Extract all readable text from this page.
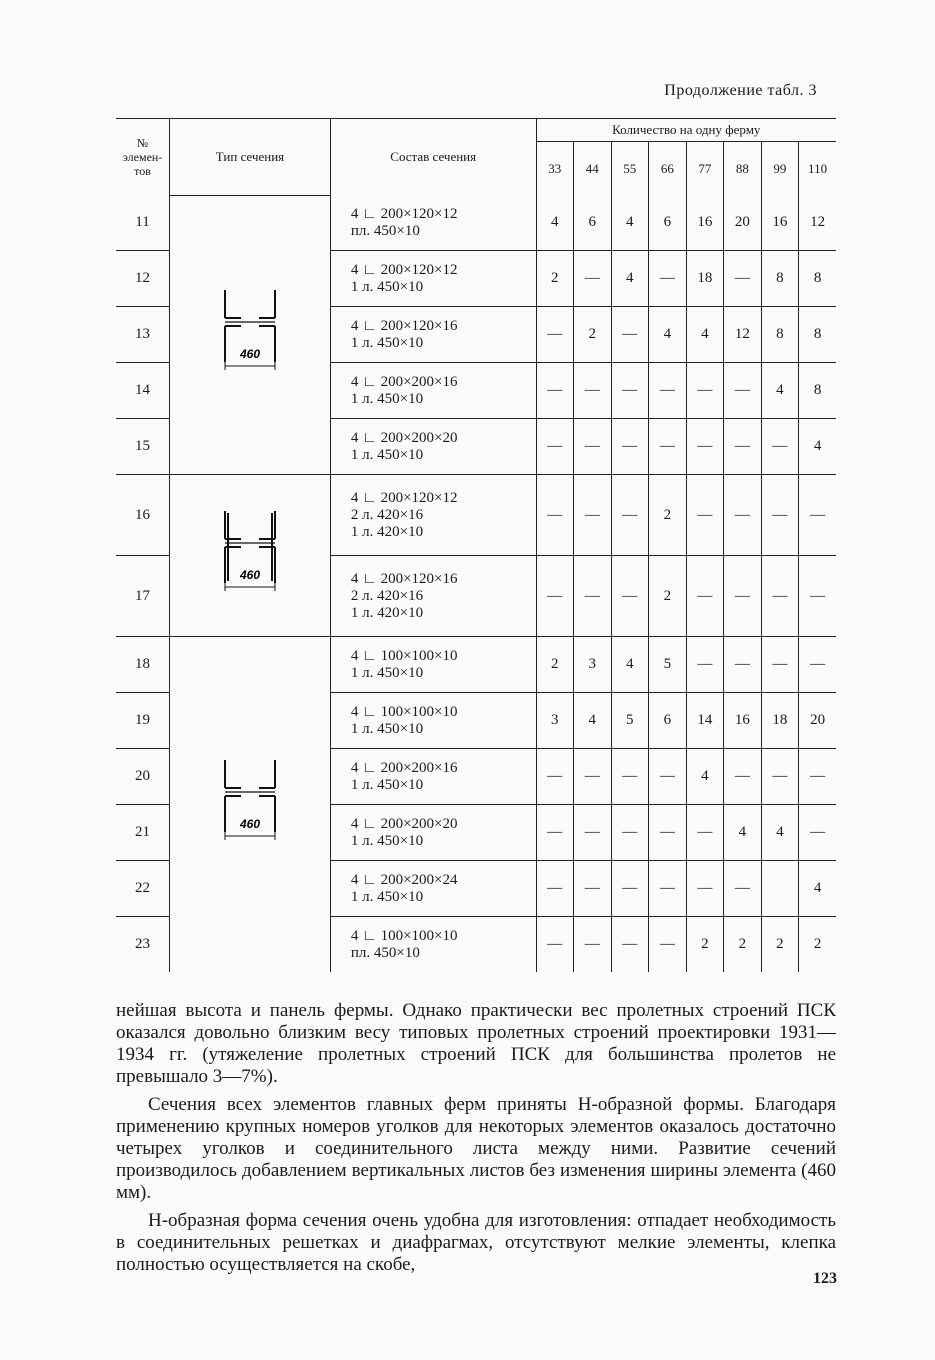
Продолжение табл. 3
№ элемен- тов	Тип сечения	Состав сечения	Количество на одну ферму							
			33	44	55	66	77	88	99	110
11	460	4 ∟ 200×120×12
пл. 450×10	4	6	4	6	16	20	16	12
12		4 ∟ 200×120×12
1 л. 450×10	2	—	4	—	18	—	8	8
13		4 ∟ 200×120×16
1 л. 450×10	—	2	—	4	4	12	8	8
14		4 ∟ 200×200×16
1 л. 450×10	—	—	—	—	—	—	4	8
15		4 ∟ 200×200×20
1 л. 450×10	—	—	—	—	—	—	—	4
16	460	4 ∟ 200×120×12
2 л. 420×16
1 л. 420×10	—	—	—	2	—	—	—	—
17		4 ∟ 200×120×16
2 л. 420×16
1 л. 420×10	—	—	—	2	—	—	—	—
18	460	4 ∟ 100×100×10
1 л. 450×10	2	3	4	5	—	—	—	—
19		4 ∟ 100×100×10
1 л. 450×10	3	4	5	6	14	16	18	20
20		4 ∟ 200×200×16
1 л. 450×10	—	—	—	—	4	—	—	—
21		4 ∟ 200×200×20
1 л. 450×10	—	—	—	—	—	4	4	—
22		4 ∟ 200×200×24
1 л. 450×10	—	—	—	—	—	—		4
23		4 ∟ 100×100×10
пл. 450×10	—	—	—	—	2	2	2	2

нейшая высота и панель фермы. Однако практически вес пролетных строений ПСК оказался довольно близким весу типовых пролетных строений проектировки 1931—1934 гг. (утяжеление пролетных строений ПСК для большинства пролетов не превышало 3—7%).

Сечения всех элементов главных ферм приняты Н-образной формы. Благодаря применению крупных номеров уголков для некоторых элементов оказалось достаточно четырех уголков и соединительного листа между ними. Развитие сечений производилось добавлением вертикальных листов без изменения ширины элемента (460 мм).

Н-образная форма сечения очень удобна для изготовления: отпадает необходимость в соединительных решетках и диафрагмах, отсутствуют мелкие элементы, клепка полностью осуществляется на скобе,

123
